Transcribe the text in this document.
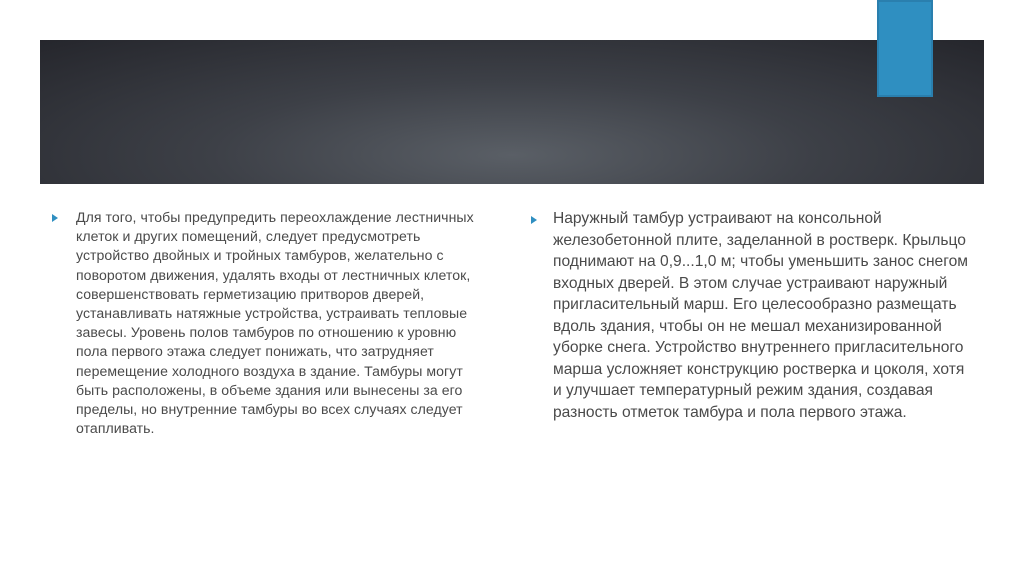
Для того, чтобы предупредить переохлаждение лестничных клеток и других помещений, следует предусмотреть устройство двойных и тройных тамбуров, желательно с поворотом движения, удалять входы от лестничных клеток, совершенствовать герметизацию притворов дверей, устанавливать натяжные устройства, устраивать тепловые завесы. Уровень полов тамбуров по отношению к уровню пола первого этажа следует понижать, что затрудняет перемещение холодного воздуха в здание. Тамбуры могут быть расположены, в объеме здания или вынесены за его пределы, но внутренние тамбуры во всех случаях следует отапливать.

Наружный тамбур устраивают на консольной железобетонной плите, заделанной в ростверк. Крыльцо поднимают на 0,9...1,0 м; чтобы уменьшить занос снегом входных дверей. В этом случае устраивают наружный пригласительный марш. Его целесообразно размещать вдоль здания, чтобы он не мешал механизированной уборке снега. Устройство внутреннего пригласительного марша усложняет конструкцию ростверка и цоколя, хотя и улучшает температурный режим здания, создавая разность отметок тамбура и пола первого этажа.
